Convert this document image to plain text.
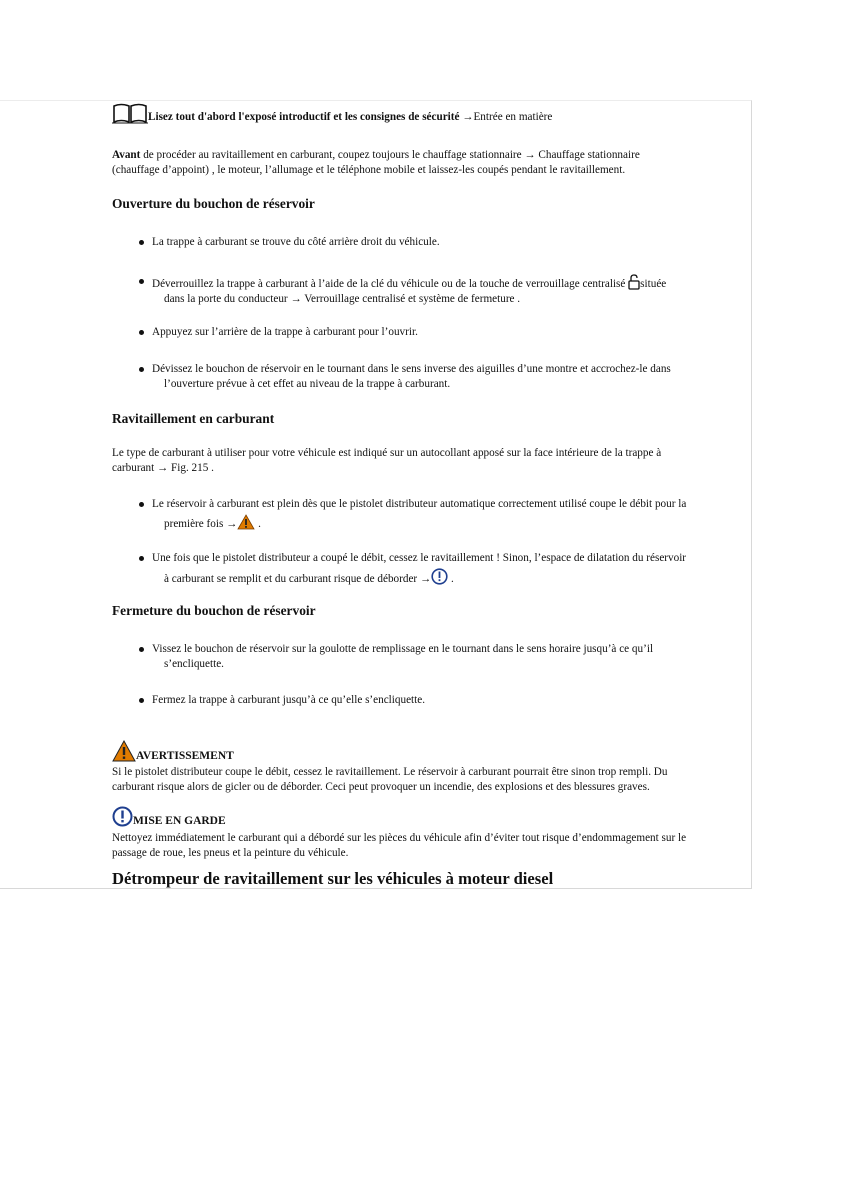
Lisez tout d'abord l'exposé introductif et les consignes de sécurité →Entrée en matière
Avant de procéder au ravitaillement en carburant, coupez toujours le chauffage stationnaire → Chauffage stationnaire
(chauffage d’appoint) , le moteur, l’allumage et le téléphone mobile et laissez-les coupés pendant le ravitaillement.
Ouverture du bouchon de réservoir
La trappe à carburant se trouve du côté arrière droit du véhicule.
Déverrouillez la trappe à carburant à l’aide de la clé du véhicule ou de la touche de verrouillage centralisé située
dans la porte du conducteur → Verrouillage centralisé et système de fermeture .
Appuyez sur l’arrière de la trappe à carburant pour l’ouvrir.
Dévissez le bouchon de réservoir en le tournant dans le sens inverse des aiguilles d’une montre et accrochez-le dans
l’ouverture prévue à cet effet au niveau de la trappe à carburant.
Ravitaillement en carburant
Le type de carburant à utiliser pour votre véhicule est indiqué sur un autocollant apposé sur la face intérieure de la trappe à
carburant → Fig. 215 .
Le réservoir à carburant est plein dès que le pistolet distributeur automatique correctement utilisé coupe le débit pour la
première fois → .
Une fois que le pistolet distributeur a coupé le débit, cessez le ravitaillement ! Sinon, l’espace de dilatation du réservoir
à carburant se remplit et du carburant risque de déborder → .
Fermeture du bouchon de réservoir
Vissez le bouchon de réservoir sur la goulotte de remplissage en le tournant dans le sens horaire jusqu’à ce qu’il
s’encliquette.
Fermez la trappe à carburant jusqu’à ce qu’elle s’encliquette.
AVERTISSEMENT
Si le pistolet distributeur coupe le débit, cessez le ravitaillement. Le réservoir à carburant pourrait être sinon trop rempli. Du
carburant risque alors de gicler ou de déborder. Ceci peut provoquer un incendie, des explosions et des blessures graves.
MISE EN GARDE
Nettoyez immédiatement le carburant qui a débordé sur les pièces du véhicule afin d’éviter tout risque d’endommagement sur le
passage de roue, les pneus et la peinture du véhicule.
Détrompeur de ravitaillement sur les véhicules à moteur diesel
